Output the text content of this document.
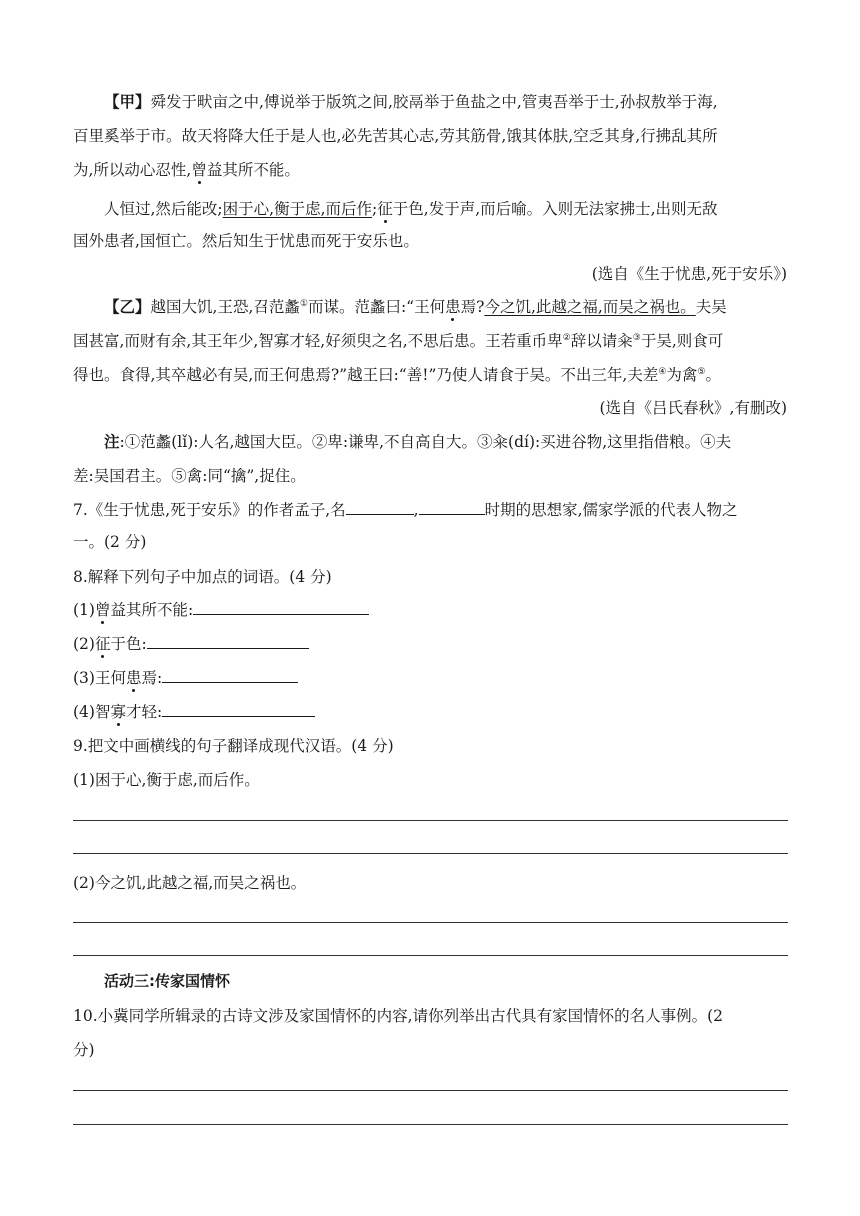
【甲】舜发于畎亩之中,傅说举于版筑之间,胶鬲举于鱼盐之中,管夷吾举于士,孙叔敖举于海,
百里奚举于市。故天将降大任于是人也,必先苦其心志,劳其筋骨,饿其体肤,空乏其身,行拂乱其所
为,所以动心忍性,曾益其所不能。
人恒过,然后能改;困于心,衡于虑,而后作;征于色,发于声,而后喻。入则无法家拂士,出则无敌
国外患者,国恒亡。然后知生于忧患而死于安乐也。
(选自《生于忧患,死于安乐》)
【乙】越国大饥,王恐,召范蠡①而谋。范蠡曰:“王何患焉?今之饥,此越之福,而吴之祸也。夫吴
国甚富,而财有余,其王年少,智寡才轻,好须臾之名,不思后患。王若重币卑②辞以请籴③于吴,则食可
得也。食得,其卒越必有吴,而王何患焉?”越王曰:“善!”乃使人请食于吴。不出三年,夫差④为禽⑤。
(选自《吕氏春秋》,有删改)
注:①范蠡(lǐ):人名,越国大臣。②卑:谦卑,不自高自大。③籴(dí):买进谷物,这里指借粮。④夫
差:吴国君主。⑤禽:同“擒”,捉住。
7.《生于忧患,死于安乐》的作者孟子,名	,	时期的思想家,儒家学派的代表人物之
一。(2 分)
8.解释下列句子中加点的词语。(4 分)
(1)曾益其所不能:
(2)征于色:
(3)王何患焉:
(4)智寡才轻:
9.把文中画横线的句子翻译成现代汉语。(4 分)
(1)困于心,衡于虑,而后作。
(2)今之饥,此越之福,而吴之祸也。
活动三:传家国情怀
10.小冀同学所辑录的古诗文涉及家国情怀的内容,请你列举出古代具有家国情怀的名人事例。(2
分)
